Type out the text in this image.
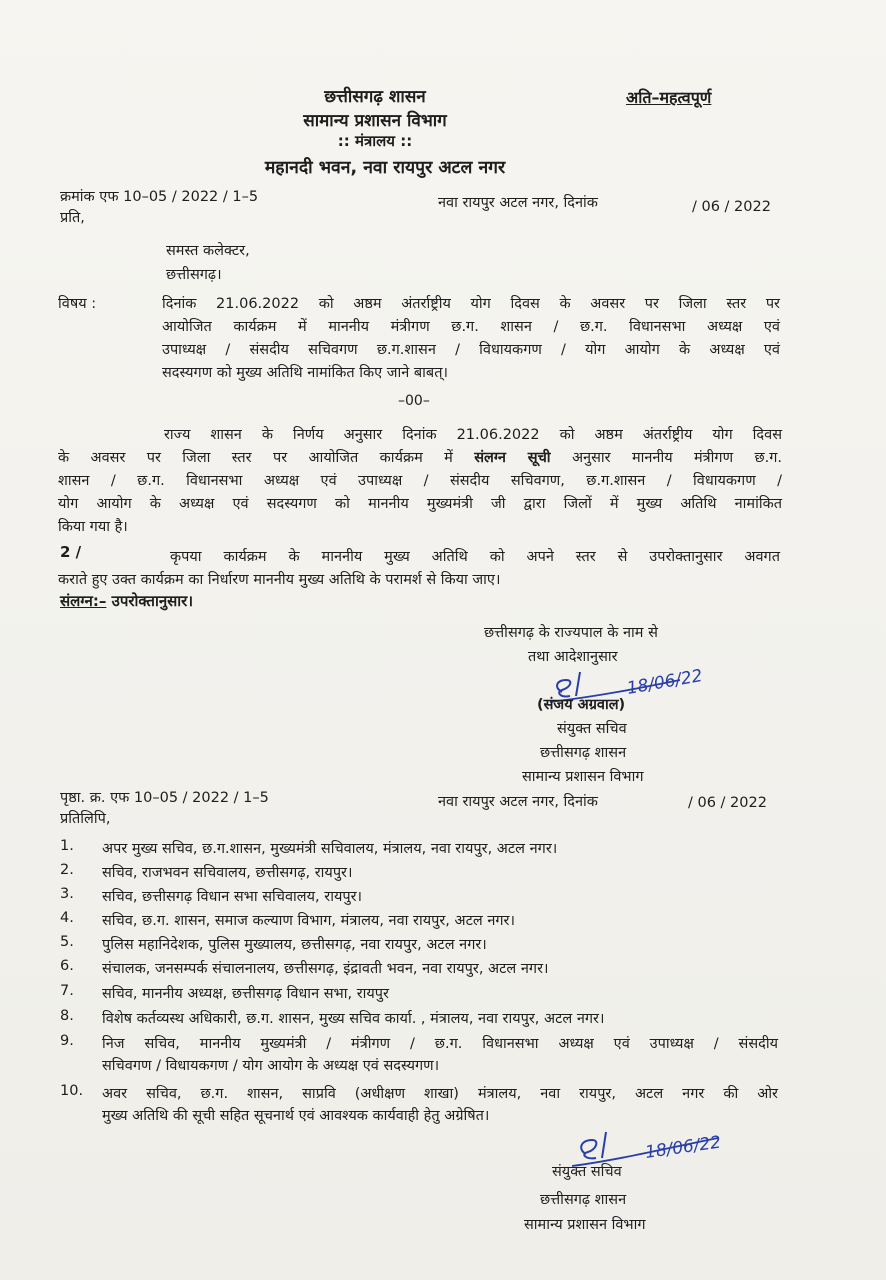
छत्तीसगढ़ शासन
सामान्य प्रशासन विभाग
:: मंत्रालय ::
महानदी भवन, नवा रायपुर अटल नगर
अति–महत्वपूर्ण
क्रमांक एफ 10–05 / 2022 / 1–5	नवा रायपुर अटल नगर, दिनांक	/ 06 / 2022
प्रति,
समस्त कलेक्टर,
छत्तीसगढ़।
विषय :	दिनांक 21.06.2022 को अष्ठम अंतर्राष्ट्रीय योग दिवस के अवसर पर जिला स्तर पर
आयोजित कार्यक्रम में माननीय मंत्रीगण छ.ग. शासन / छ.ग. विधानसभा अध्यक्ष एवं
उपाध्यक्ष / संसदीय सचिवगण छ.ग.शासन / विधायकगण / योग आयोग के अध्यक्ष एवं
सदस्यगण को मुख्य अतिथि नामांकित किए जाने बाबत्।
–00–
राज्य शासन के निर्णय अनुसार दिनांक 21.06.2022 को अष्ठम अंतर्राष्ट्रीय योग दिवस
के अवसर पर जिला स्तर पर आयोजित कार्यक्रम में संलग्न सूची अनुसार माननीय मंत्रीगण छ.ग.
शासन / छ.ग. विधानसभा अध्यक्ष एवं उपाध्यक्ष / संसदीय सचिवगण, छ.ग.शासन / विधायकगण /
योग आयोग के अध्यक्ष एवं सदस्यगण को माननीय मुख्यमंत्री जी द्वारा जिलों में मुख्य अतिथि नामांकित
किया गया है।
2 /	कृपया कार्यक्रम के माननीय मुख्य अतिथि को अपने स्तर से उपरोक्तानुसार अवगत
कराते हुए उक्त कार्यक्रम का निर्धारण माननीय मुख्य अतिथि के परामर्श से किया जाए।
संलग्न:– उपरोक्तानुसार।
छत्तीसगढ़ के राज्यपाल के नाम से
तथा आदेशानुसार
18/06/22
(संजय अग्रवाल)
संयुक्त सचिव
छत्तीसगढ़ शासन
सामान्य प्रशासन विभाग
पृष्ठा. क्र. एफ 10–05 / 2022 / 1–5	नवा रायपुर अटल नगर, दिनांक	/ 06 / 2022
प्रतिलिपि,
1. अपर मुख्य सचिव, छ.ग.शासन, मुख्यमंत्री सचिवालय, मंत्रालय, नवा रायपुर, अटल नगर।
2. सचिव, राजभवन सचिवालय, छत्तीसगढ़, रायपुर।
3. सचिव, छत्तीसगढ़ विधान सभा सचिवालय, रायपुर।
4. सचिव, छ.ग. शासन, समाज कल्याण विभाग, मंत्रालय, नवा रायपुर, अटल नगर।
5. पुलिस महानिदेशक, पुलिस मुख्यालय, छत्तीसगढ़, नवा रायपुर, अटल नगर।
6. संचालक, जनसम्पर्क संचालनालय, छत्तीसगढ़, इंद्रावती भवन, नवा रायपुर, अटल नगर।
7. सचिव, माननीय अध्यक्ष, छत्तीसगढ़ विधान सभा, रायपुर
8. विशेष कर्तव्यस्थ अधिकारी, छ.ग. शासन, मुख्य सचिव कार्या. , मंत्रालय, नवा रायपुर, अटल नगर।
9. निज सचिव, माननीय मुख्यमंत्री / मंत्रीगण / छ.ग. विधानसभा अध्यक्ष एवं उपाध्यक्ष / संसदीय
सचिवगण / विधायकगण / योग आयोग के अध्यक्ष एवं सदस्यगण।
10. अवर सचिव, छ.ग. शासन, साप्रवि (अधीक्षण शाखा) मंत्रालय, नवा रायपुर, अटल नगर की ओर
मुख्य अतिथि की सूची सहित सूचनार्थ एवं आवश्यक कार्यवाही हेतु अग्रेषित।
18/06/22
संयुक्त सचिव
छत्तीसगढ़ शासन
सामान्य प्रशासन विभाग
